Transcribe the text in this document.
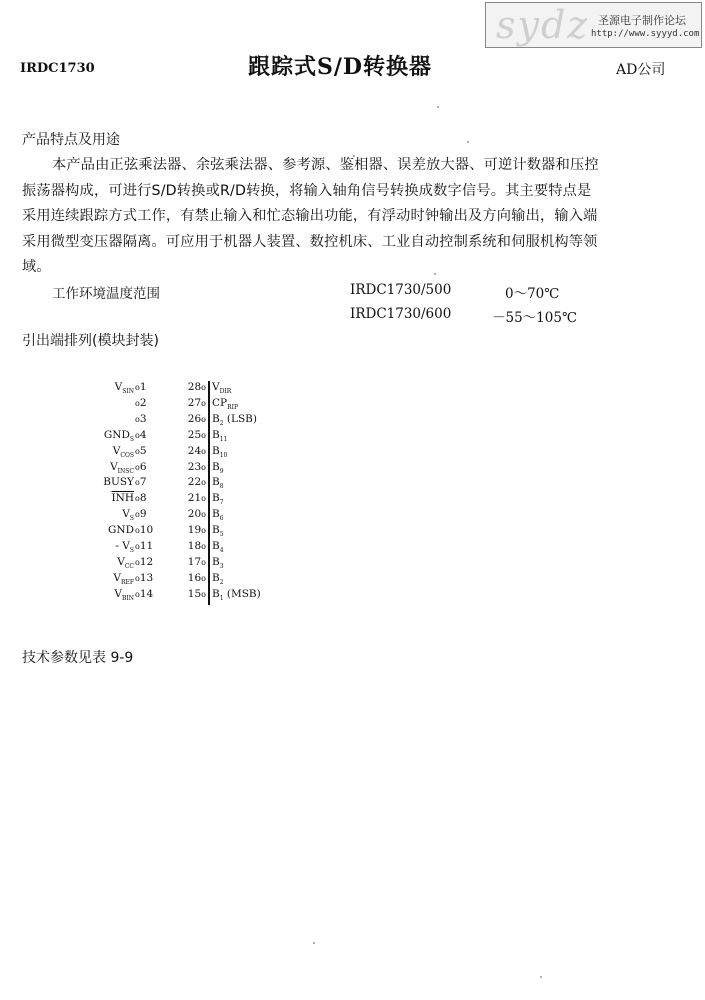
sydz 圣源电子制作论坛
http://www.syyyd.com
IRDC1730	跟踪式S/D转换器	AD公司
产品特点及用途
本产品由正弦乘法器、余弦乘法器、参考源、鉴相器、误差放大器、可逆计数器和压控
振荡器构成，可进行S/D转换或R/D转换，将输入轴角信号转换成数字信号。其主要特点是
采用连续跟踪方式工作，有禁止输入和忙态输出功能，有浮动时钟输出及方向输出，输入端
采用微型变压器隔离。可应用于机器人装置、数控机床、工业自动控制系统和伺服机构等领
域。
工作环境温度范围	IRDC1730/500	0～70℃
IRDC1730/600	－55～105℃
引出端排列(模块封装)
$V_{SIN}$ o1	28o $V_{DIR}$
o2	27o $CP_{RIP}$
o3	26o $B_2$ (LSB)
$GND_S$ o4	25o $B_{11}$
$V_{COS}$ o5	24o $B_{10}$
$V_{INSC}$ o6	23o $B_9$
BUSY o7	22o $B_8$
$\overline{INH}$ o8	21o $B_7$
$V_S$ o9	20o $B_6$
GND o10	19o $B_5$
- $V_S$ o11	18o $B_4$
$V_{CC}$ o12	17o $B_3$
$V_{REF}$ o13	16o $B_2$
$V_{BIN}$ o14	15o $B_1$ (MSB)
技术参数见表 9-9
